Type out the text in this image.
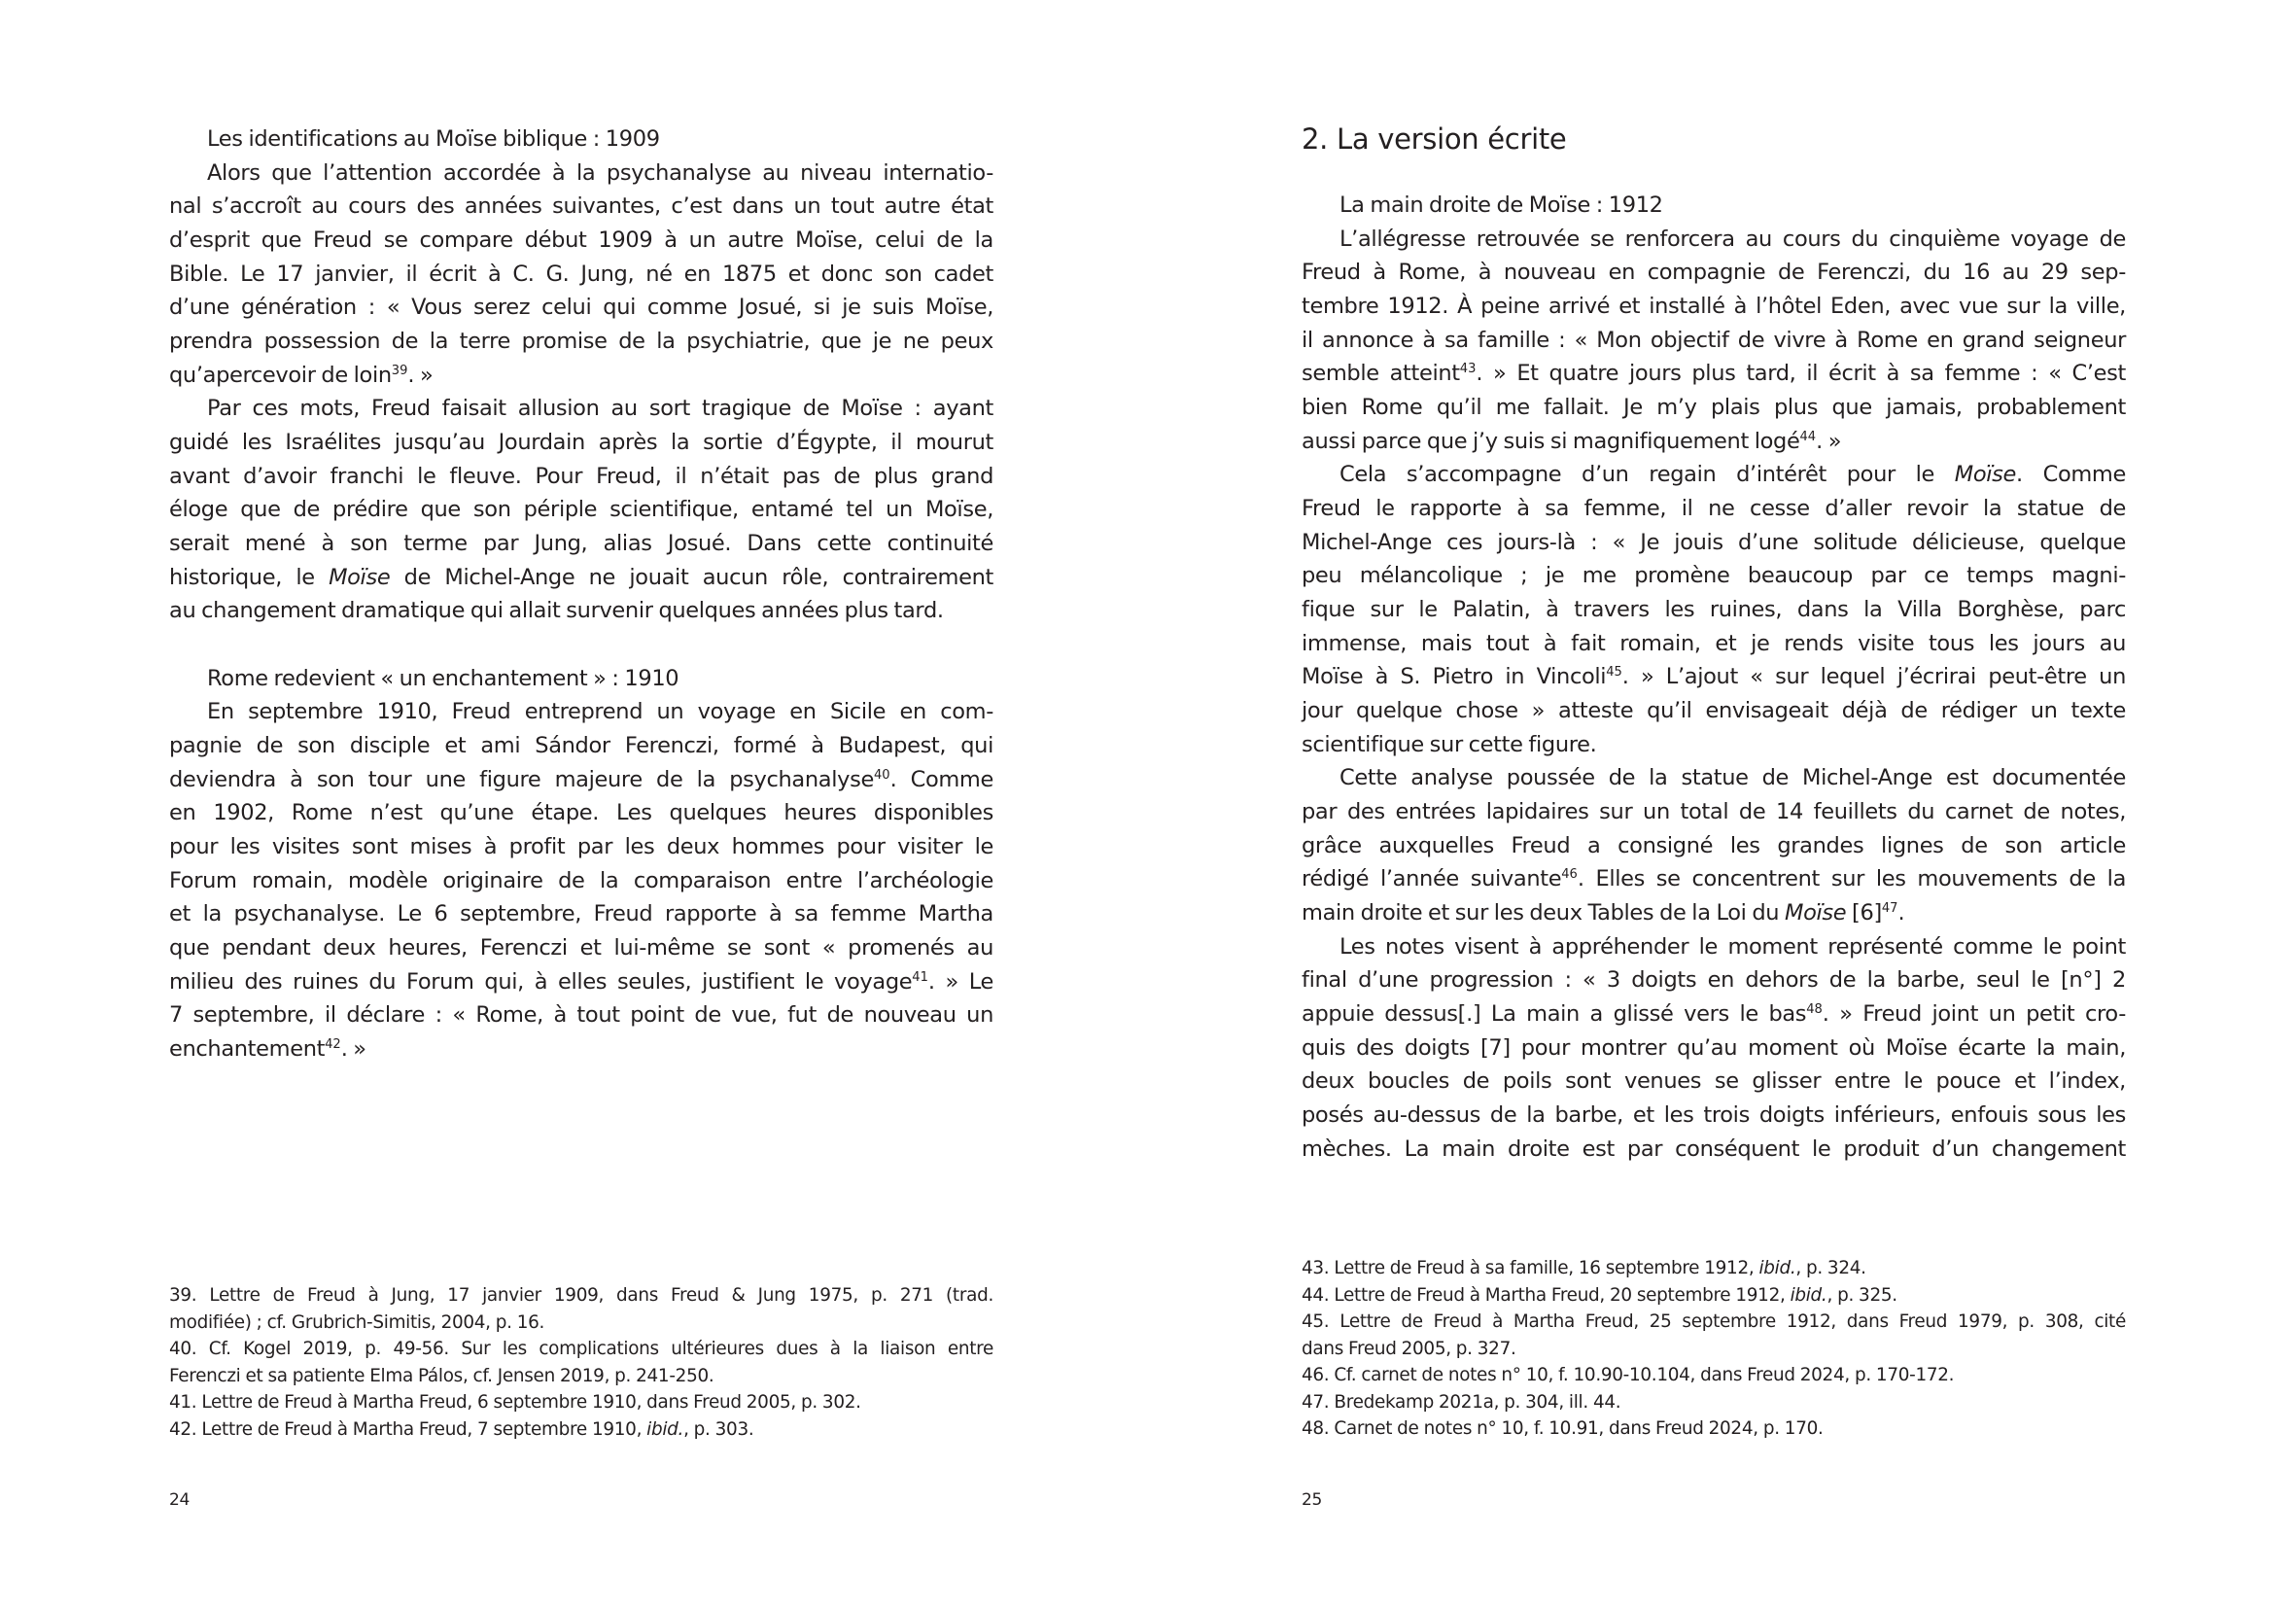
Les identifications au Moïse biblique : 1909
Alors que l’attention accordée à la psychanalyse au niveau internatio-
nal s’accroît au cours des années suivantes, c’est dans un tout autre état
d’esprit que Freud se compare début 1909 à un autre Moïse, celui de la
Bible. Le 17 janvier, il écrit à C. G. Jung, né en 1875 et donc son cadet
d’une génération : « Vous serez celui qui comme Josué, si je suis Moïse,
prendra possession de la terre promise de la psychiatrie, que je ne peux
qu’apercevoir de loin$^{39}$. »
Par ces mots, Freud faisait allusion au sort tragique de Moïse : ayant
guidé les Israélites jusqu’au Jourdain après la sortie d’Égypte, il mourut
avant d’avoir franchi le fleuve. Pour Freud, il n’était pas de plus grand
éloge que de prédire que son périple scientifique, entamé tel un Moïse,
serait mené à son terme par Jung, alias Josué. Dans cette continuité
historique, le Moïse de Michel-Ange ne jouait aucun rôle, contrairement
au changement dramatique qui allait survenir quelques années plus tard.
Rome redevient « un enchantement » : 1910
En septembre 1910, Freud entreprend un voyage en Sicile en com-
pagnie de son disciple et ami Sándor Ferenczi, formé à Budapest, qui
deviendra à son tour une figure majeure de la psychanalyse$^{40}$. Comme
en 1902, Rome n’est qu’une étape. Les quelques heures disponibles
pour les visites sont mises à profit par les deux hommes pour visiter le
Forum romain, modèle originaire de la comparaison entre l’archéologie
et la psychanalyse. Le 6 septembre, Freud rapporte à sa femme Martha
que pendant deux heures, Ferenczi et lui-même se sont « promenés au
milieu des ruines du Forum qui, à elles seules, justifient le voyage$^{41}$. » Le
7 septembre, il déclare : « Rome, à tout point de vue, fut de nouveau un
enchantement$^{42}$. »
39. Lettre de Freud à Jung, 17 janvier 1909, dans Freud & Jung 1975, p. 271 (trad.
modifiée) ; cf. Grubrich-Simitis, 2004, p. 16.
40. Cf. Kogel 2019, p. 49-56. Sur les complications ultérieures dues à la liaison entre
Ferenczi et sa patiente Elma Pálos, cf. Jensen 2019, p. 241-250.
41. Lettre de Freud à Martha Freud, 6 septembre 1910, dans Freud 2005, p. 302.
42. Lettre de Freud à Martha Freud, 7 septembre 1910, ibid., p. 303.
24
2. La version écrite
La main droite de Moïse : 1912
L’allégresse retrouvée se renforcera au cours du cinquième voyage de
Freud à Rome, à nouveau en compagnie de Ferenczi, du 16 au 29 sep-
tembre 1912. À peine arrivé et installé à l’hôtel Eden, avec vue sur la ville,
il annonce à sa famille : « Mon objectif de vivre à Rome en grand seigneur
semble atteint$^{43}$. » Et quatre jours plus tard, il écrit à sa femme : « C’est
bien Rome qu’il me fallait. Je m’y plais plus que jamais, probablement
aussi parce que j’y suis si magnifiquement logé$^{44}$. »
Cela s’accompagne d’un regain d’intérêt pour le Moïse. Comme
Freud le rapporte à sa femme, il ne cesse d’aller revoir la statue de
Michel-Ange ces jours-là : « Je jouis d’une solitude délicieuse, quelque
peu mélancolique ; je me promène beaucoup par ce temps magni-
fique sur le Palatin, à travers les ruines, dans la Villa Borghèse, parc
immense, mais tout à fait romain, et je rends visite tous les jours au
Moïse à S. Pietro in Vincoli$^{45}$. » L’ajout « sur lequel j’écrirai peut-être un
jour quelque chose » atteste qu’il envisageait déjà de rédiger un texte
scientifique sur cette figure.
Cette analyse poussée de la statue de Michel-Ange est documentée
par des entrées lapidaires sur un total de 14 feuillets du carnet de notes,
grâce auxquelles Freud a consigné les grandes lignes de son article
rédigé l’année suivante$^{46}$. Elles se concentrent sur les mouvements de la
main droite et sur les deux Tables de la Loi du Moïse $[6]^{47}$.
Les notes visent à appréhender le moment représenté comme le point
final d’une progression : « 3 doigts en dehors de la barbe, seul le [n°] 2
appuie dessus[.] La main a glissé vers le bas$^{48}$. » Freud joint un petit cro-
quis des doigts [7] pour montrer qu’au moment où Moïse écarte la main,
deux boucles de poils sont venues se glisser entre le pouce et l’index,
posés au-dessus de la barbe, et les trois doigts inférieurs, enfouis sous les
mèches. La main droite est par conséquent le produit d’un changement
43. Lettre de Freud à sa famille, 16 septembre 1912, ibid., p. 324.
44. Lettre de Freud à Martha Freud, 20 septembre 1912, ibid., p. 325.
45. Lettre de Freud à Martha Freud, 25 septembre 1912, dans Freud 1979, p. 308, cité
dans Freud 2005, p. 327.
46. Cf. carnet de notes n° 10, f. 10.90-10.104, dans Freud 2024, p. 170-172.
47. Bredekamp 2021a, p. 304, ill. 44.
48. Carnet de notes n° 10, f. 10.91, dans Freud 2024, p. 170.
25
